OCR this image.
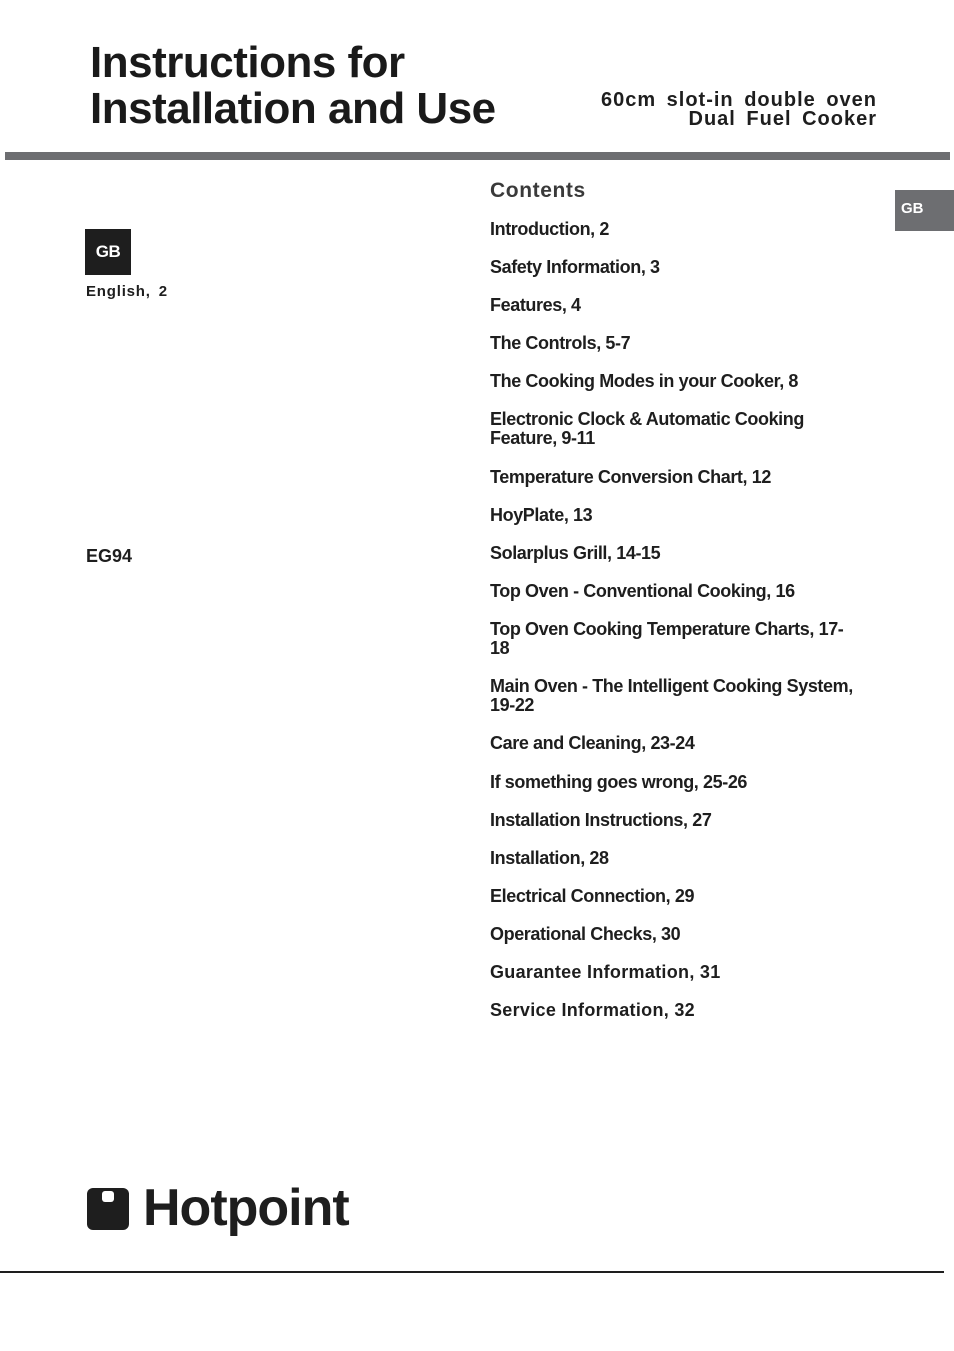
Instructions for
Installation and Use	60cm slot-in double oven
Dual Fuel Cooker
GB
GB
English, 2
EG94
Contents
Introduction, 2
Safety Information, 3
Features, 4
The Controls, 5-7
The Cooking Modes in your Cooker, 8
Electronic Clock & Automatic Cooking Feature, 9-11
Temperature Conversion Chart, 12
HoyPlate, 13
Solarplus Grill, 14-15
Top Oven - Conventional Cooking, 16
Top Oven Cooking Temperature Charts, 17-18
Main Oven - The Intelligent Cooking System, 19-22
Care and Cleaning, 23-24
If something goes wrong, 25-26
Installation Instructions, 27
Installation, 28
Electrical Connection, 29
Operational Checks, 30
Guarantee Information, 31
Service Information, 32
Hotpoint
